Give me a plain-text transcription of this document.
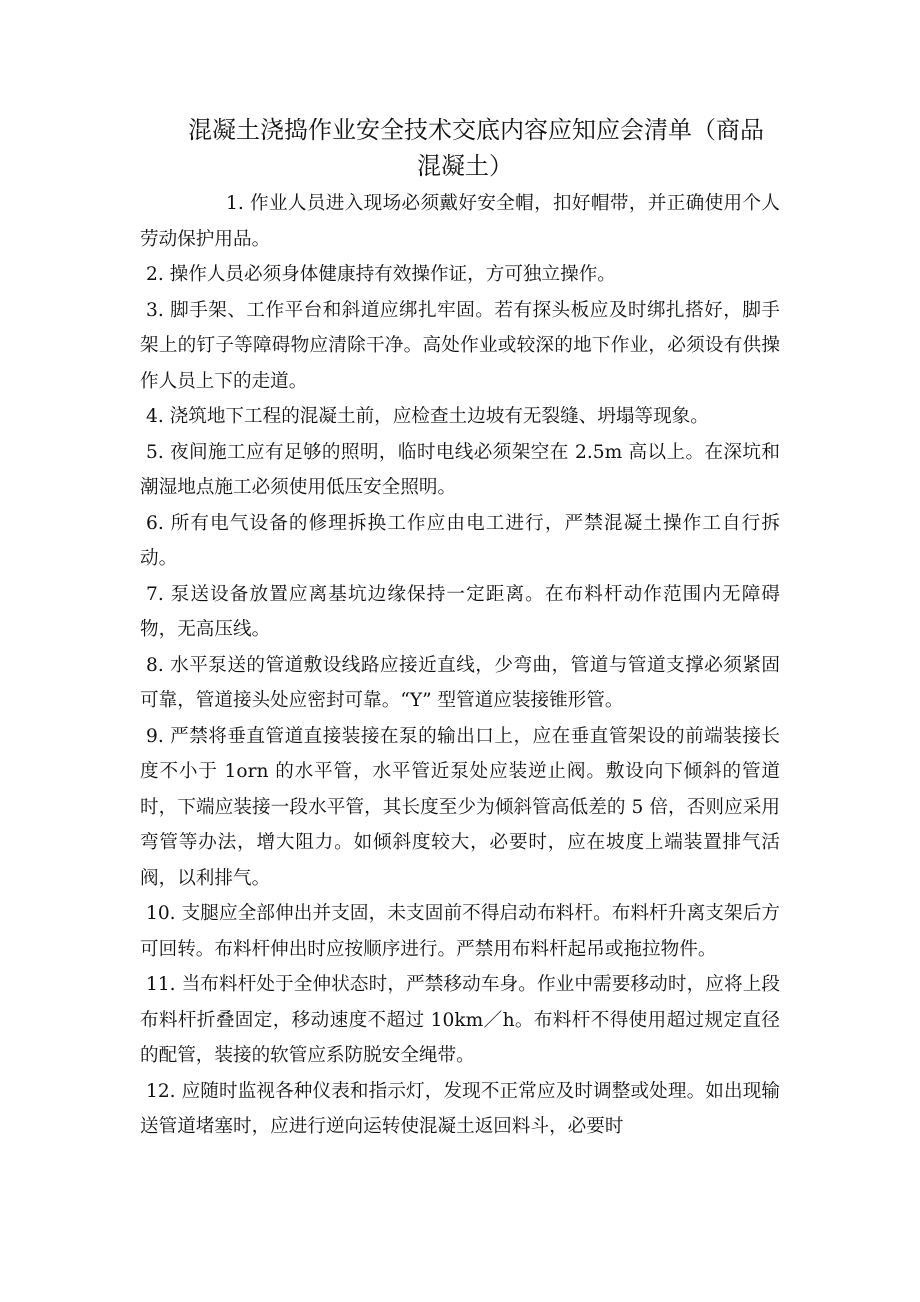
混凝土浇捣作业安全技术交底内容应知应会清单（商品
混凝土）

1. 作业人员进入现场必须戴好安全帽，扣好帽带，并正确使用个人劳动保护用品。

2. 操作人员必须身体健康持有效操作证，方可独立操作。

3. 脚手架、工作平台和斜道应绑扎牢固。若有探头板应及时绑扎搭好，脚手架上的钉子等障碍物应清除干净。高处作业或较深的地下作业，必须设有供操作人员上下的走道。

4. 浇筑地下工程的混凝土前，应检查土边坡有无裂缝、坍塌等现象。

5. 夜间施工应有足够的照明，临时电线必须架空在 2.5m 高以上。在深坑和潮湿地点施工必须使用低压安全照明。

6. 所有电气设备的修理拆换工作应由电工进行，严禁混凝土操作工自行拆动。

7. 泵送设备放置应离基坑边缘保持一定距离。在布料杆动作范围内无障碍物，无高压线。

8. 水平泵送的管道敷设线路应接近直线，少弯曲，管道与管道支撑必须紧固可靠，管道接头处应密封可靠。“Y” 型管道应装接锥形管。

9. 严禁将垂直管道直接装接在泵的输出口上，应在垂直管架设的前端装接长度不小于 1orn 的水平管，水平管近泵处应装逆止阀。敷设向下倾斜的管道时，下端应装接一段水平管，其长度至少为倾斜管高低差的 5 倍，否则应采用弯管等办法，增大阻力。如倾斜度较大，必要时，应在坡度上端装置排气活阀，以利排气。

10. 支腿应全部伸出并支固，未支固前不得启动布料杆。布料杆升离支架后方可回转。布料杆伸出时应按顺序进行。严禁用布料杆起吊或拖拉物件。

11. 当布料杆处于全伸状态时，严禁移动车身。作业中需要移动时，应将上段布料杆折叠固定，移动速度不超过 10km／h。布料杆不得使用超过规定直径的配管，装接的软管应系防脱安全绳带。

12. 应随时监视各种仪表和指示灯，发现不正常应及时调整或处理。如出现输送管道堵塞时，应进行逆向运转使混凝土返回料斗，必要时
